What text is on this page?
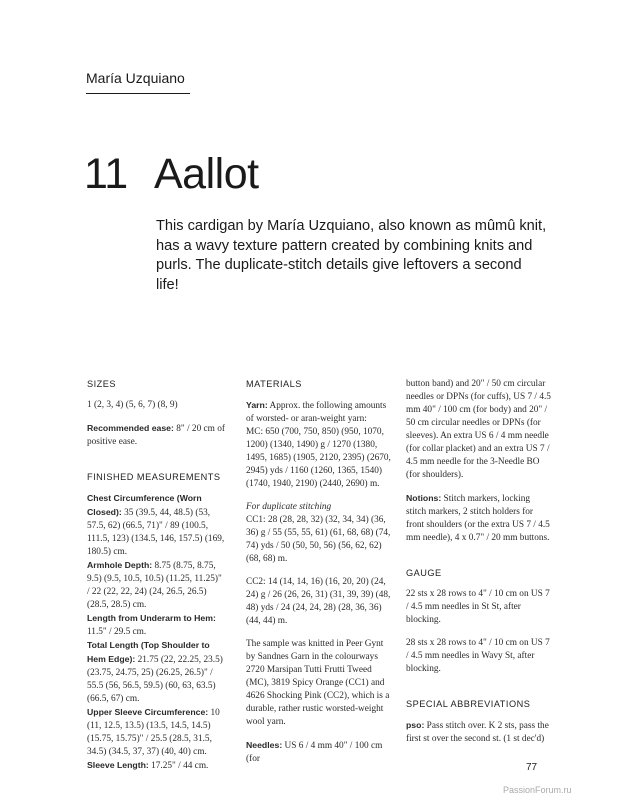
María Uzquiano
11 Aallot
This cardigan by María Uzquiano, also known as mûmû knit, has a wavy texture pattern created by combining knits and purls. The duplicate-stitch details give leftovers a second life!
SIZES
1 (2, 3, 4) (5, 6, 7) (8, 9)
Recommended ease: 8" / 20 cm of positive ease.
FINISHED MEASUREMENTS
Chest Circumference (Worn Closed): 35 (39.5, 44, 48.5) (53, 57.5, 62) (66.5, 71)" / 89 (100.5, 111.5, 123) (134.5, 146, 157.5) (169, 180.5) cm.
Armhole Depth: 8.75 (8.75, 8.75, 9.5) (9.5, 10.5, 10.5) (11.25, 11.25)" / 22 (22, 22, 24) (24, 26.5, 26.5) (28.5, 28.5) cm.
Length from Underarm to Hem: 11.5" / 29.5 cm.
Total Length (Top Shoulder to Hem Edge): 21.75 (22, 22.25, 23.5) (23.75, 24.75, 25) (26.25, 26.5)" / 55.5 (56, 56.5, 59.5) (60, 63, 63.5) (66.5, 67) cm.
Upper Sleeve Circumference: 10 (11, 12.5, 13.5) (13.5, 14.5, 14.5) (15.75, 15.75)" / 25.5 (28.5, 31.5, 34.5) (34.5, 37, 37) (40, 40) cm.
Sleeve Length: 17.25" / 44 cm.
MATERIALS
Yarn: Approx. the following amounts of worsted- or aran-weight yarn:
MC: 650 (700, 750, 850) (950, 1070, 1200) (1340, 1490) g / 1270 (1380, 1495, 1685) (1905, 2120, 2395) (2670, 2945) yds / 1160 (1260, 1365, 1540) (1740, 1940, 2190) (2440, 2690) m.
For duplicate stitching
CC1: 28 (28, 28, 32) (32, 34, 34) (36, 36) g / 55 (55, 55, 61) (61, 68, 68) (74, 74) yds / 50 (50, 50, 56) (56, 62, 62) (68, 68) m.
CC2: 14 (14, 14, 16) (16, 20, 20) (24, 24) g / 26 (26, 26, 31) (31, 39, 39) (48, 48) yds / 24 (24, 24, 28) (28, 36, 36) (44, 44) m.
The sample was knitted in Peer Gynt by Sandnes Garn in the colourways 2720 Marsipan Tutti Frutti Tweed (MC), 3819 Spicy Orange (CC1) and 4626 Shocking Pink (CC2), which is a durable, rather rustic worsted-weight wool yarn.
Needles: US 6 / 4 mm 40" / 100 cm (for
button band) and 20" / 50 cm circular needles or DPNs (for cuffs), US 7 / 4.5 mm 40" / 100 cm (for body) and 20" / 50 cm circular needles or DPNs (for sleeves). An extra US 6 / 4 mm needle (for collar placket) and an extra US 7 / 4.5 mm needle for the 3-Needle BO (for shoulders).
Notions: Stitch markers, locking stitch markers, 2 stitch holders for front shoulders (or the extra US 7 / 4.5 mm needle), 4 x 0.7" / 20 mm buttons.
GAUGE
22 sts x 28 rows to 4" / 10 cm on US 7 / 4.5 mm needles in St St, after blocking.
28 sts x 28 rows to 4" / 10 cm on US 7 / 4.5 mm needles in Wavy St, after blocking.
SPECIAL ABBREVIATIONS
pso: Pass stitch over. K 2 sts, pass the first st over the second st. (1 st dec'd)
77
PassionForum.ru
